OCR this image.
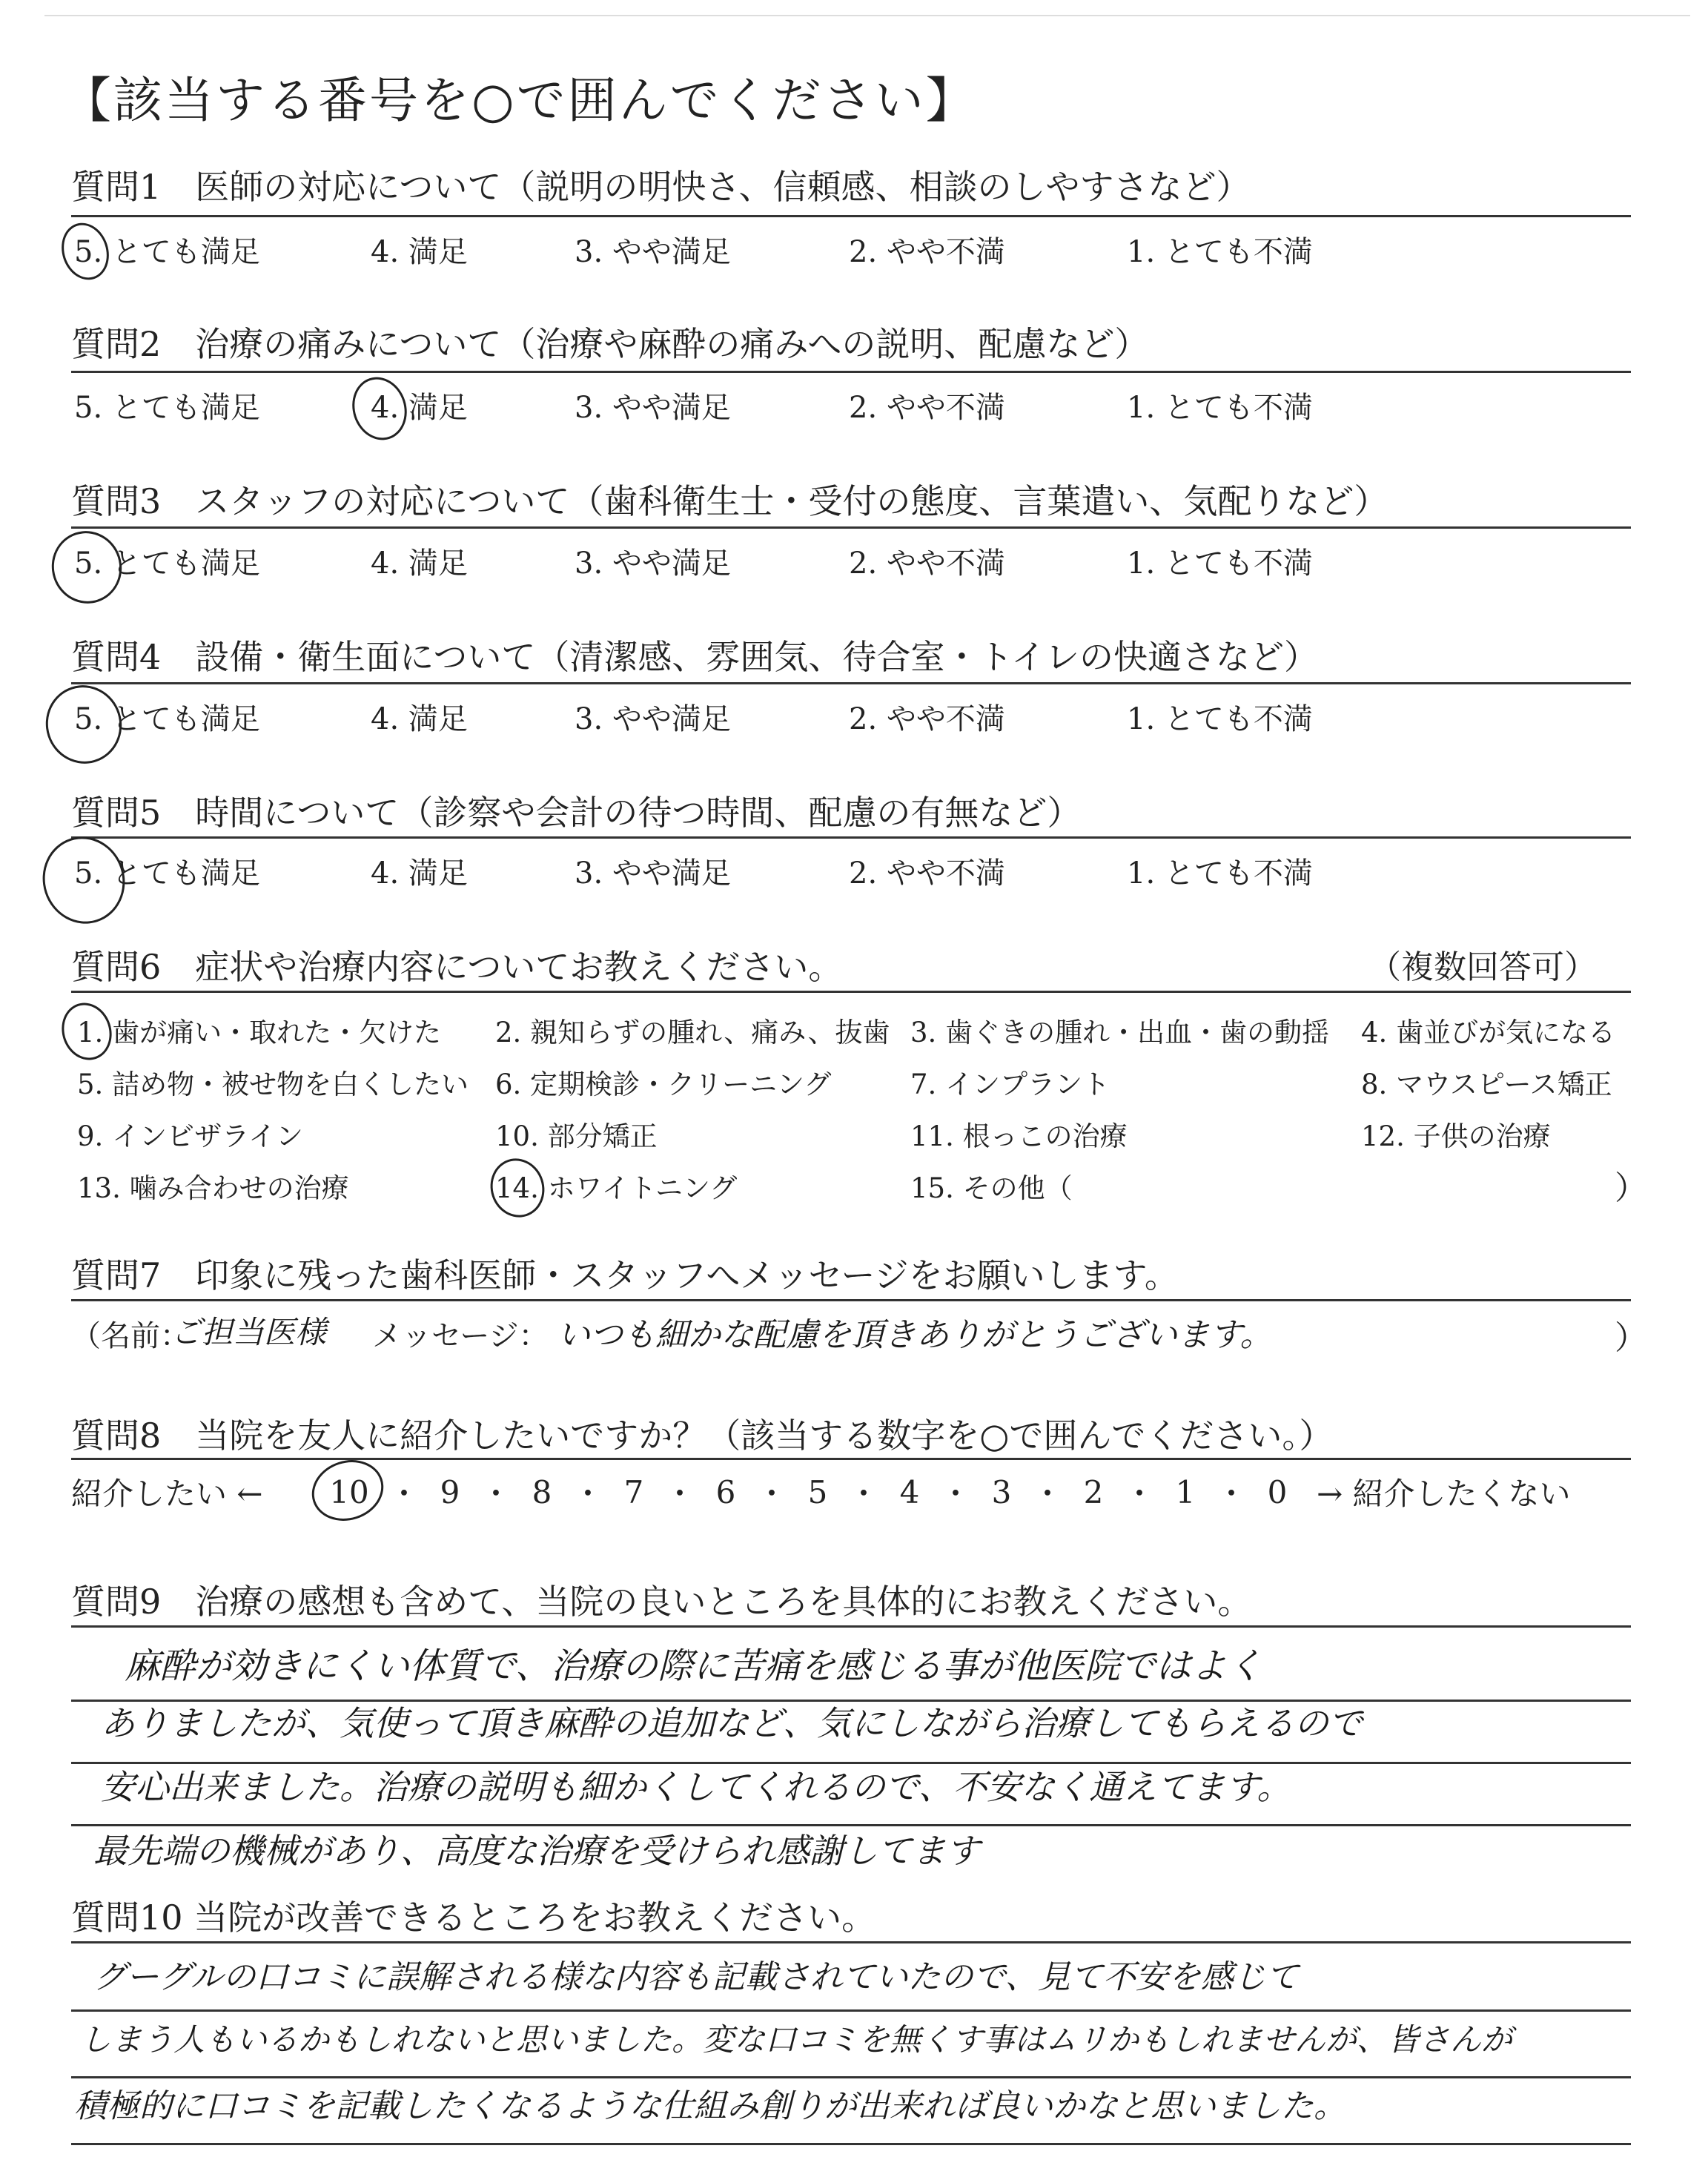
【該当する番号を○で囲んでください】
質問1　医師の対応について（説明の明快さ、信頼感、相談のしやすさなど）
5. とても満足	4. 満足	3. やや満足	2. やや不満	1. とても不満
質問2　治療の痛みについて（治療や麻酔の痛みへの説明、配慮など）
5. とても満足	4. 満足	3. やや満足	2. やや不満	1. とても不満
質問3　スタッフの対応について（歯科衛生士・受付の態度、言葉遣い、気配りなど）
5. とても満足	4. 満足	3. やや満足	2. やや不満	1. とても不満
質問4　設備・衛生面について（清潔感、雰囲気、待合室・トイレの快適さなど）
5. とても満足	4. 満足	3. やや満足	2. やや不満	1. とても不満
質問5　時間について（診察や会計の待つ時間、配慮の有無など）
5. とても満足	4. 満足	3. やや満足	2. やや不満	1. とても不満
質問6　症状や治療内容についてお教えください。	（複数回答可）
1. 歯が痛い・取れた・欠けた 2. 親知らずの腫れ、痛み、抜歯 3. 歯ぐきの腫れ・出血・歯の動揺 4. 歯並びが気になる
5. 詰め物・被せ物を白くしたい 6. 定期検診・クリーニング	7. インプラント	8. マウスピース矯正
9. インビザライン	10. 部分矯正	11. 根っこの治療	12. 子供の治療
13. 噛み合わせの治療	14. ホワイトニング	15. その他（	）
質問7　印象に残った歯科医師・スタッフへメッセージをお願いします。
（名前：
ご担当医様 メッセージ： いつも細かな配慮を頂きありがとうございます。	）
質問8　当院を友人に紹介したいですか？（該当する数字を○で囲んでください。）
紹介したい ←	10 ・ 9 ・ 8 ・ 7 ・ 6 ・ 5 ・ 4 ・ 3 ・ 2 ・ 1 ・ 0 → 紹介したくない
質問9　治療の感想も含めて、当院の良いところを具体的にお教えください。
麻酔が効きにくい体質で、治療の際に苦痛を感じる事が他医院ではよく
ありましたが、気使って頂き麻酔の追加など、気にしながら治療してもらえるので
安心出来ました。治療の説明も細かくしてくれるので、不安なく通えてます。
最先端の機械があり、高度な治療を受けられ感謝してます
質問10 当院が改善できるところをお教えください。
グーグルの口コミに誤解される様な内容も記載されていたので、見て不安を感じて
しまう人もいるかもしれないと思いました。変な口コミを無くす事はムリかもしれませんが、皆さんが
積極的に口コミを記載したくなるような仕組み創りが出来れば良いかなと思いました。
